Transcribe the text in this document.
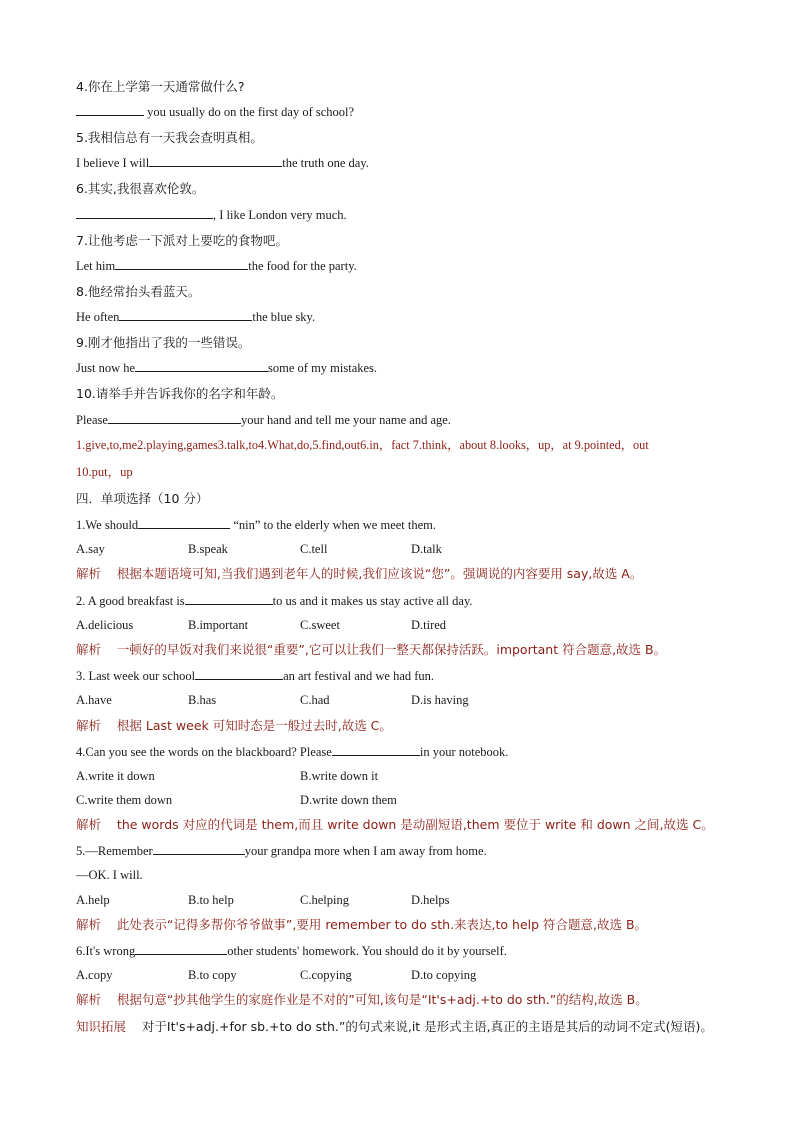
4.你在上学第一天通常做什么?
you usually do on the first day of school?
5.我相信总有一天我会查明真相。
I believe I will	the truth one day.
6.其实,我很喜欢伦敦。
, I like London very much.
7.让他考虑一下派对上要吃的食物吧。
Let him	the food for the party.
8.他经常抬头看蓝天。
He often	the blue sky.
9.刚才他指出了我的一些错误。
Just now he	some of my mistakes.
10.请举手并告诉我你的名字和年龄。
Please	your hand and tell me your name and age.
1.give,to,me2.playing,games3.talk,to4.What,do,5.find,out6.in，fact 7.think，about 8.looks，up，at 9.pointed，out
10.put，up
四．单项选择（10 分）
1.We should	“nin” to the elderly when we meet them.
A.say	B.speak	C.tell	D.talk
解析 根据本题语境可知,当我们遇到老年人的时候,我们应该说“您”。强调说的内容要用 say,故选 A。
2. A good breakfast is	to us and it makes us stay active all day.
A.delicious	B.important	C.sweet	D.tired
解析 一顿好的早饭对我们来说很“重要”,它可以让我们一整天都保持活跃。important 符合题意,故选 B。
3. Last week our school	an art festival and we had fun.
A.have	B.has	C.had	D.is having
解析 根据 Last week 可知时态是一般过去时,故选 C。
4.Can you see the words on the blackboard? Please	in your notebook.
A.write it down	B.write down it
C.write them down	D.write down them
解析 the words 对应的代词是 them,而且 write down 是动副短语,them 要位于 write 和 down 之间,故选 C。
5.—Remember	your grandpa more when I am away from home.
—OK. I will.
A.help	B.to help	C.helping	D.helps
解析 此处表示“记得多帮你爷爷做事”,要用 remember to do sth.来表达,to help 符合题意,故选 B。
6.It's wrong	other students' homework. You should do it by yourself.
A.copy	B.to copy	C.copying	D.to copying
解析 根据句意“抄其他学生的家庭作业是不对的”可知,该句是“It's+adj.+to do sth.”的结构,故选 B。
知识拓展 对于It's+adj.+for sb.+to do sth.”的句式来说,it 是形式主语,真正的主语是其后的动词不定式(短语)。
